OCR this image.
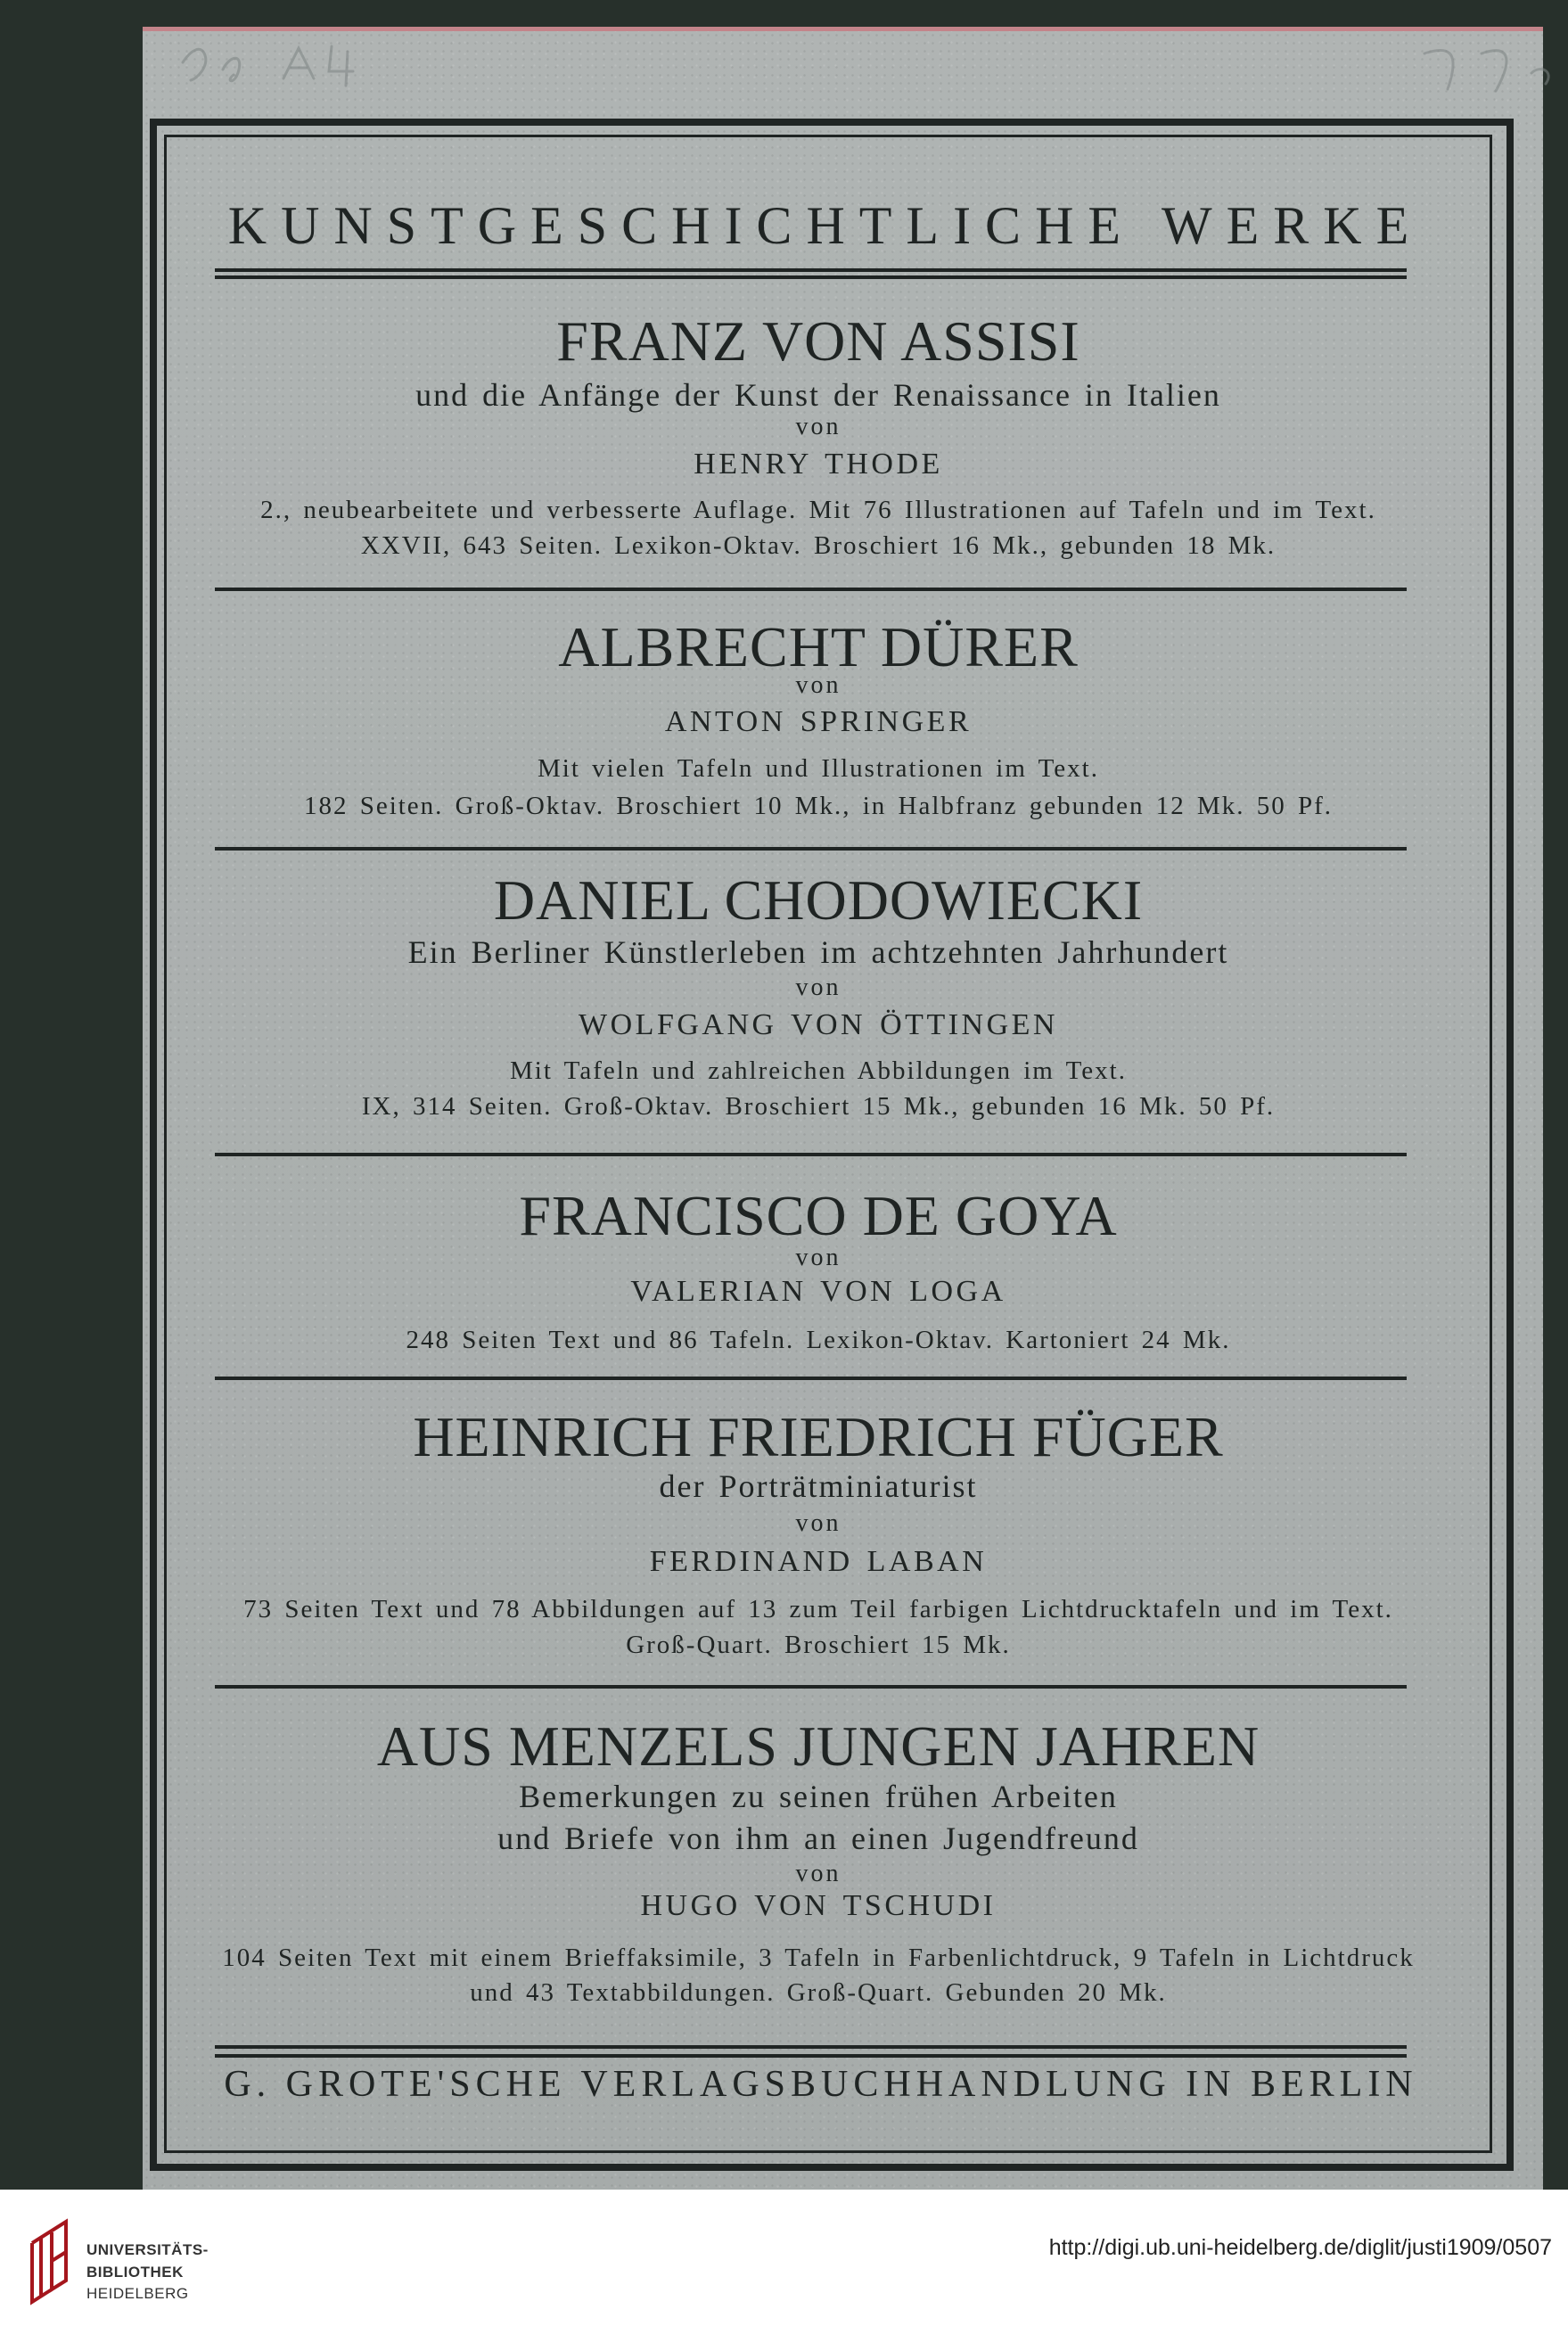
KUNSTGESCHICHTLICHE WERKE
FRANZ VON ASSISI
und die Anfänge der Kunst der Renaissance in Italien
von
HENRY THODE
2., neubearbeitete und verbesserte Auflage. Mit 76 Illustrationen auf Tafeln und im Text.
XXVII, 643 Seiten. Lexikon-Oktav. Broschiert 16 Mk., gebunden 18 Mk.
ALBRECHT DÜRER
von
ANTON SPRINGER
Mit vielen Tafeln und Illustrationen im Text.
182 Seiten. Groß-Oktav. Broschiert 10 Mk., in Halbfranz gebunden 12 Mk. 50 Pf.
DANIEL CHODOWIECKI
Ein Berliner Künstlerleben im achtzehnten Jahrhundert
von
WOLFGANG VON ÖTTINGEN
Mit Tafeln und zahlreichen Abbildungen im Text.
IX, 314 Seiten. Groß-Oktav. Broschiert 15 Mk., gebunden 16 Mk. 50 Pf.
FRANCISCO DE GOYA
von
VALERIAN VON LOGA
248 Seiten Text und 86 Tafeln. Lexikon-Oktav. Kartoniert 24 Mk.
HEINRICH FRIEDRICH FÜGER
der Porträtminiaturist
von
FERDINAND LABAN
73 Seiten Text und 78 Abbildungen auf 13 zum Teil farbigen Lichtdrucktafeln und im Text.
Groß-Quart. Broschiert 15 Mk.
AUS MENZELS JUNGEN JAHREN
Bemerkungen zu seinen frühen Arbeiten
und Briefe von ihm an einen Jugendfreund
von
HUGO VON TSCHUDI
104 Seiten Text mit einem Brieffaksimile, 3 Tafeln in Farbenlichtdruck, 9 Tafeln in Lichtdruck
und 43 Textabbildungen. Groß-Quart. Gebunden 20 Mk.
G. GROTE'SCHE VERLAGSBUCHHANDLUNG IN BERLIN
UNIVERSITÄTS-
BIBLIOTHEK
HEIDELBERG
http://digi.ub.uni-heidelberg.de/diglit/justi1909/0507
